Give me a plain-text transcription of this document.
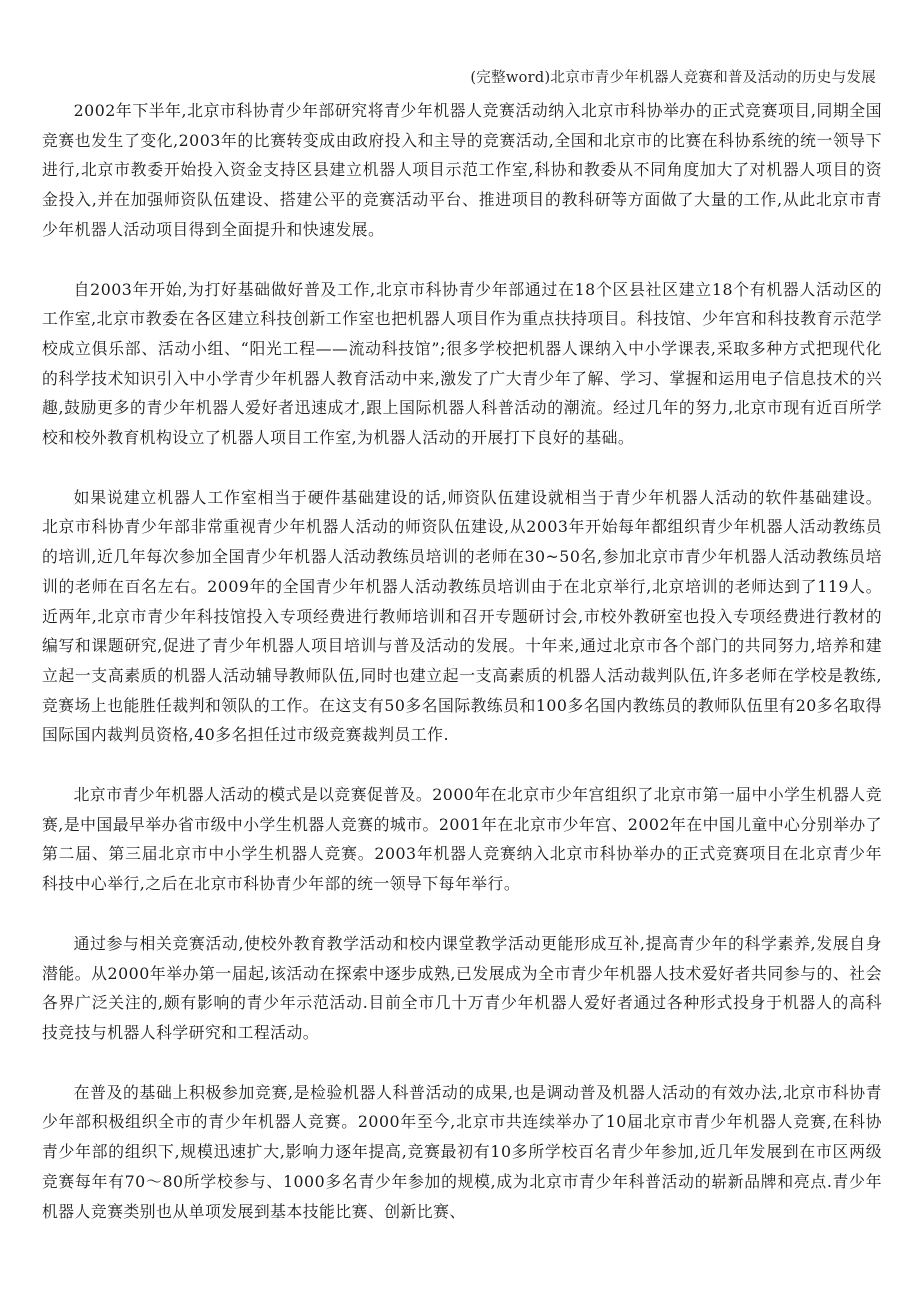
(完整word)北京市青少年机器人竞赛和普及活动的历史与发展

2002年下半年,北京市科协青少年部研究将青少年机器人竞赛活动纳入北京市科协举办的正式竞赛项目,同期全国竞赛也发生了变化,2003年的比赛转变成由政府投入和主导的竞赛活动,全国和北京市的比赛在科协系统的统一领导下进行,北京市教委开始投入资金支持区县建立机器人项目示范工作室,科协和教委从不同角度加大了对机器人项目的资金投入,并在加强师资队伍建设、搭建公平的竞赛活动平台、推进项目的教科研等方面做了大量的工作,从此北京市青少年机器人活动项目得到全面提升和快速发展。

自2003年开始,为打好基础做好普及工作,北京市科协青少年部通过在18个区县社区建立18个有机器人活动区的工作室,北京市教委在各区建立科技创新工作室也把机器人项目作为重点扶持项目。科技馆、少年宫和科技教育示范学校成立俱乐部、活动小组、“阳光工程——流动科技馆”;很多学校把机器人课纳入中小学课表,采取多种方式把现代化的科学技术知识引入中小学青少年机器人教育活动中来,激发了广大青少年了解、学习、掌握和运用电子信息技术的兴趣,鼓励更多的青少年机器人爱好者迅速成才,跟上国际机器人科普活动的潮流。经过几年的努力,北京市现有近百所学校和校外教育机构设立了机器人项目工作室,为机器人活动的开展打下良好的基础。

如果说建立机器人工作室相当于硬件基础建设的话,师资队伍建设就相当于青少年机器人活动的软件基础建设。 北京市科协青少年部非常重视青少年机器人活动的师资队伍建设,从2003年开始每年都组织青少年机器人活动教练员的培训,近几年每次参加全国青少年机器人活动教练员培训的老师在30~50名,参加北京市青少年机器人活动教练员培训的老师在百名左右。2009年的全国青少年机器人活动教练员培训由于在北京举行,北京培训的老师达到了119人。近两年,北京市青少年科技馆投入专项经费进行教师培训和召开专题研讨会,市校外教研室也投入专项经费进行教材的编写和课题研究,促进了青少年机器人项目培训与普及活动的发展。十年来,通过北京市各个部门的共同努力,培养和建立起一支高素质的机器人活动辅导教师队伍,同时也建立起一支高素质的机器人活动裁判队伍,许多老师在学校是教练,竞赛场上也能胜任裁判和领队的工作。在这支有50多名国际教练员和100多名国内教练员的教师队伍里有20多名取得国际国内裁判员资格,40多名担任过市级竞赛裁判员工作.

北京市青少年机器人活动的模式是以竞赛促普及。2000年在北京市少年宫组织了北京市第一届中小学生机器人竞赛,是中国最早举办省市级中小学生机器人竞赛的城市。2001年在北京市少年宫、2002年在中国儿童中心分别举办了第二届、第三届北京市中小学生机器人竞赛。2003年机器人竞赛纳入北京市科协举办的正式竞赛项目在北京青少年科技中心举行,之后在北京市科协青少年部的统一领导下每年举行。

通过参与相关竞赛活动,使校外教育教学活动和校内课堂教学活动更能形成互补,提高青少年的科学素养,发展自身潜能。从2000年举办第一届起,该活动在探索中逐步成熟,已发展成为全市青少年机器人技术爱好者共同参与的、社会各界广泛关注的,颇有影响的青少年示范活动.目前全市几十万青少年机器人爱好者通过各种形式投身于机器人的高科技竞技与机器人科学研究和工程活动。

在普及的基础上积极参加竞赛,是检验机器人科普活动的成果,也是调动普及机器人活动的有效办法,北京市科协青少年部积极组织全市的青少年机器人竞赛。2000年至今,北京市共连续举办了10届北京市青少年机器人竞赛,在科协青少年部的组织下,规模迅速扩大,影响力逐年提高,竞赛最初有10多所学校百名青少年参加,近几年发展到在市区两级竞赛每年有70～80所学校参与、1000多名青少年参加的规模,成为北京市青少年科普活动的崭新品牌和亮点.青少年机器人竞赛类别也从单项发展到基本技能比赛、创新比赛、
